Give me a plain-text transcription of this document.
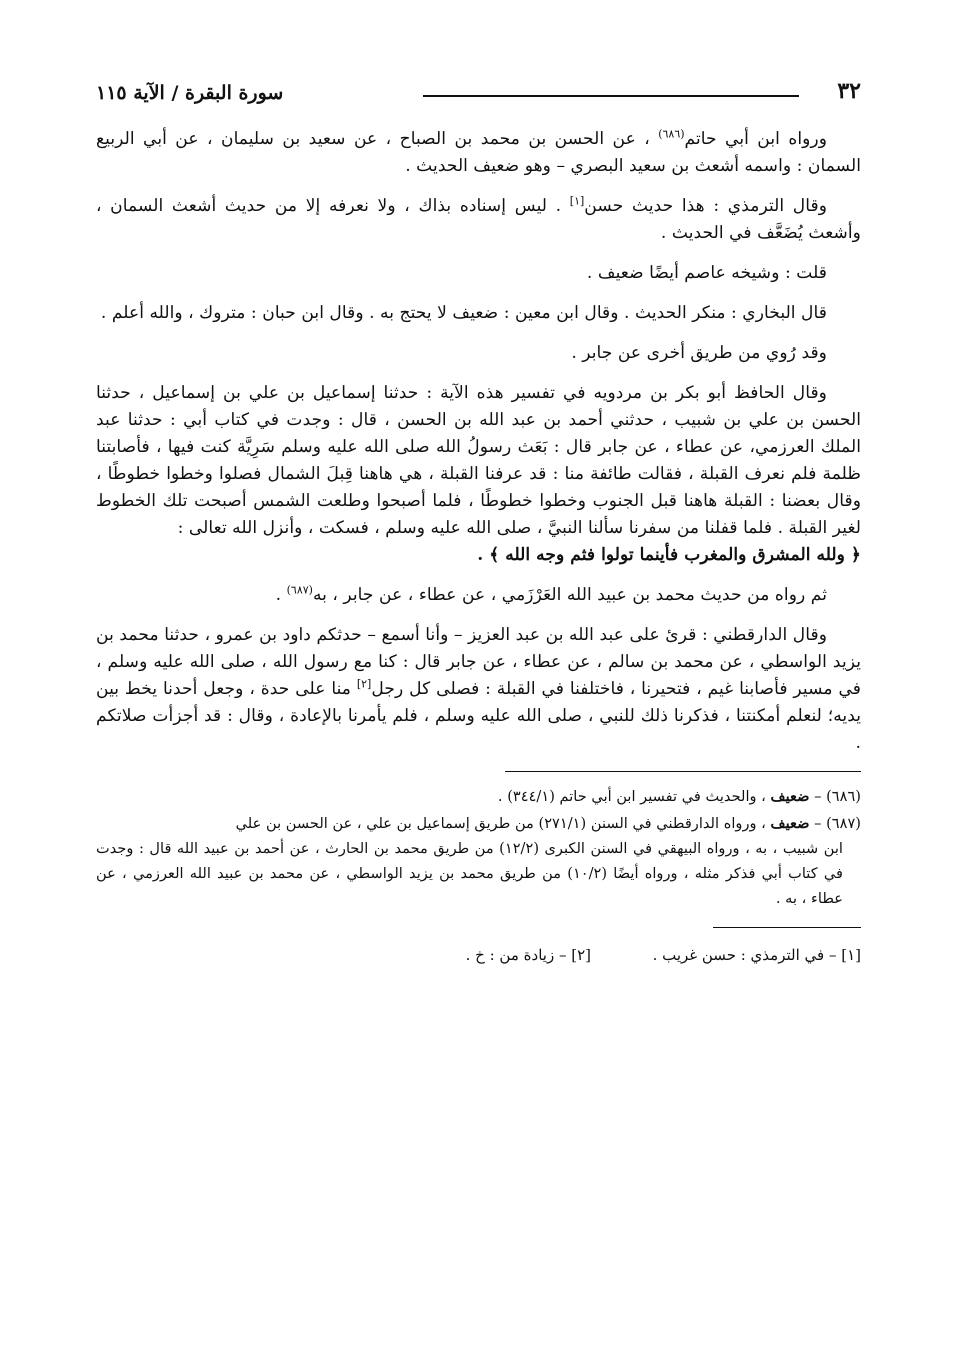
٣٢
سورة البقرة / الآية ١١٥

ورواه ابن أبي حاتم$^{(٦٨٦)}$ ، عن الحسن بن محمد بن الصباح ، عن سعيد بن سليمان ، عن أبي الربيع السمان : واسمه أشعث بن سعيد البصري – وهو ضعيف الحديث .

وقال الترمذي : هذا حديث حسن[١] . ليس إسناده بذاك ، ولا نعرفه إلا من حديث أشعث السمان ، وأشعث يُضَعَّف في الحديث .

قلت : وشيخه عاصم أيضًا ضعيف .

قال البخاري : منكر الحديث . وقال ابن معين : ضعيف لا يحتج به . وقال ابن حبان : متروك ، والله أعلم .

وقد رُوي من طريق أخرى عن جابر .

وقال الحافظ أبو بكر بن مردويه في تفسير هذه الآية : حدثنا إسماعيل بن علي بن إسماعيل ، حدثنا الحسن بن علي بن شبيب ، حدثني أحمد بن عبد الله بن الحسن ، قال : وجدت في كتاب أبي : حدثنا عبد الملك العرزمي، عن عطاء ، عن جابر قال : بَعَث رسولُ الله صلى الله عليه وسلم سَرِيَّة كنت فيها ، فأصابتنا ظلمة فلم نعرف القبلة ، فقالت طائفة منا : قد عرفنا القبلة ، هي هاهنا قِبلَ الشمال فصلوا وخطوا خطوطًا ، وقال بعضنا : القبلة هاهنا قبل الجنوب وخطوا خطوطًا ، فلما أصبحوا وطلعت الشمس أصبحت تلك الخطوط لغير القبلة . فلما قفلنا من سفرنا سألنا النبيَّ ، صلى الله عليه وسلم ، فسكت ، وأنزل الله تعالى :

﴿ ولله المشرق والمغرب فأينما تولوا فثم وجه الله ﴾ .

ثم رواه من حديث محمد بن عبيد الله العَرْزَمي ، عن عطاء ، عن جابر ، به$^{(٦٨٧)}$ .

وقال الدارقطني : قرئ على عبد الله بن عبد العزيز – وأنا أسمع – حدثكم داود بن عمرو ، حدثنا محمد بن يزيد الواسطي ، عن محمد بن سالم ، عن عطاء ، عن جابر قال : كنا مع رسول الله ، صلى الله عليه وسلم ، في مسير فأصابنا غيم ، فتحيرنا ، فاختلفنا في القبلة : فصلى كل رجل[٢] منا على حدة ، وجعل أحدنا يخط بين يديه؛ لنعلم أمكنتنا ، فذكرنا ذلك للنبي ، صلى الله عليه وسلم ، فلم يأمرنا بالإعادة ، وقال : قد أجزأت صلاتكم .

(٦٨٦) – ضعيف ، والحديث في تفسير ابن أبي حاتم (٣٤٤/١) .

(٦٨٧) – ضعيف ، ورواه الدارقطني في السنن (٢٧١/١) من طريق إسماعيل بن علي ، عن الحسن بن علي
ابن شبيب ، به ، ورواه البيهقي في السنن الكبرى (١٢/٢) من طريق محمد بن الحارث ، عن أحمد بن عبيد الله قال : وجدت في كتاب أبي فذكر مثله ، ورواه أيضًا (١٠/٢) من طريق محمد بن يزيد الواسطي ، عن محمد بن عبيد الله العرزمي ، عن عطاء ، به .

[١] – في الترمذي : حسن غريب .
[٢] – زيادة من : خ .
